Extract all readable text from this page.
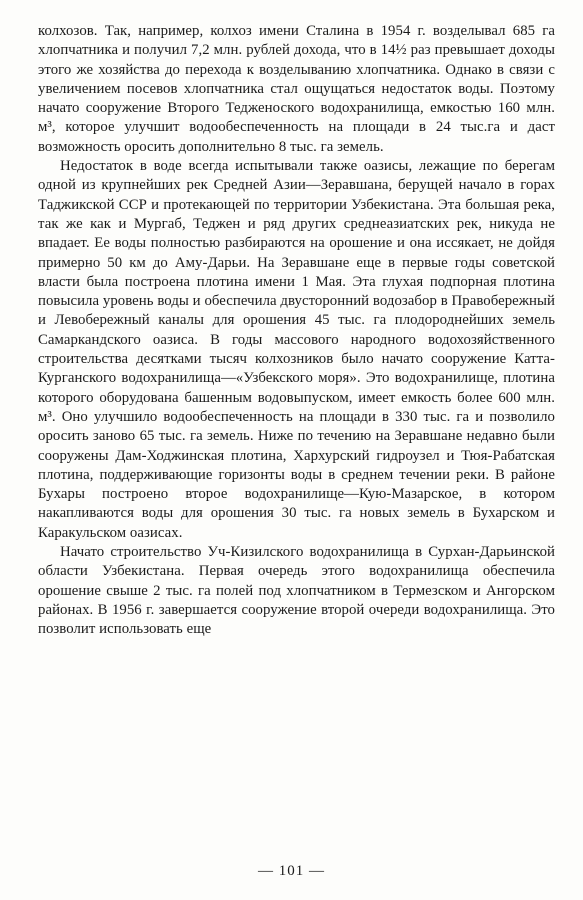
колхозов. Так, например, колхоз имени Сталина в 1954 г. возделывал 685 га хлопчатника и получил 7,2 млн. рублей дохода, что в 14½ раз превышает доходы этого же хозяйства до перехода к возделыванию хлопчатника. Однако в связи с увеличением посевов хлопчатника стал ощущаться недостаток воды. Поэтому начато сооружение Второго Тедженоского водохранилища, емкостью 160 млн. м³, которое улучшит водообеспеченность на площади в 24 тыс.га и даст возможность оросить дополнительно 8 тыс. га земель.

Недостаток в воде всегда испытывали также оазисы, лежащие по берегам одной из крупнейших рек Средней Азии—Зеравшана, берущей начало в горах Таджикской ССР и протекающей по территории Узбекистана. Эта большая река, так же как и Мургаб, Теджен и ряд других среднеазиатских рек, никуда не впадает. Ее воды полностью разбираются на орошение и она иссякает, не дойдя примерно 50 км до Аму-Дарьи. На Зеравшане еще в первые годы советской власти была построена плотина имени 1 Мая. Эта глухая подпорная плотина повысила уровень воды и обеспечила двусторонний водозабор в Правобережный и Левобережный каналы для орошения 45 тыс. га плодороднейших земель Самаркандского оазиса. В годы массового народного водохозяйственного строительства десятками тысяч колхозников было начато сооружение Катта-Курганского водохранилища—«Узбекского моря». Это водохранилище, плотина которого оборудована башенным водовыпуском, имеет емкость более 600 млн. м³. Оно улучшило водообеспеченность на площади в 330 тыс. га и позволило оросить заново 65 тыс. га земель. Ниже по течению на Зеравшане недавно были сооружены Дам-Ходжинская плотина, Хархурский гидроузел и Тюя-Рабатская плотина, поддерживающие горизонты воды в среднем течении реки. В районе Бухары построено второе водохранилище—Кую-Мазарское, в котором накапливаются воды для орошения 30 тыс. га новых земель в Бухарском и Каракульском оазисах.

Начато строительство Уч-Кизилского водохранилища в Сурхан-Дарьинской области Узбекистана. Первая очередь этого водохранилища обеспечила орошение свыше 2 тыс. га полей под хлопчатником в Термезском и Ангорском районах. В 1956 г. завершается сооружение второй очереди водохранилища. Это позволит использовать еще

— 101 —
